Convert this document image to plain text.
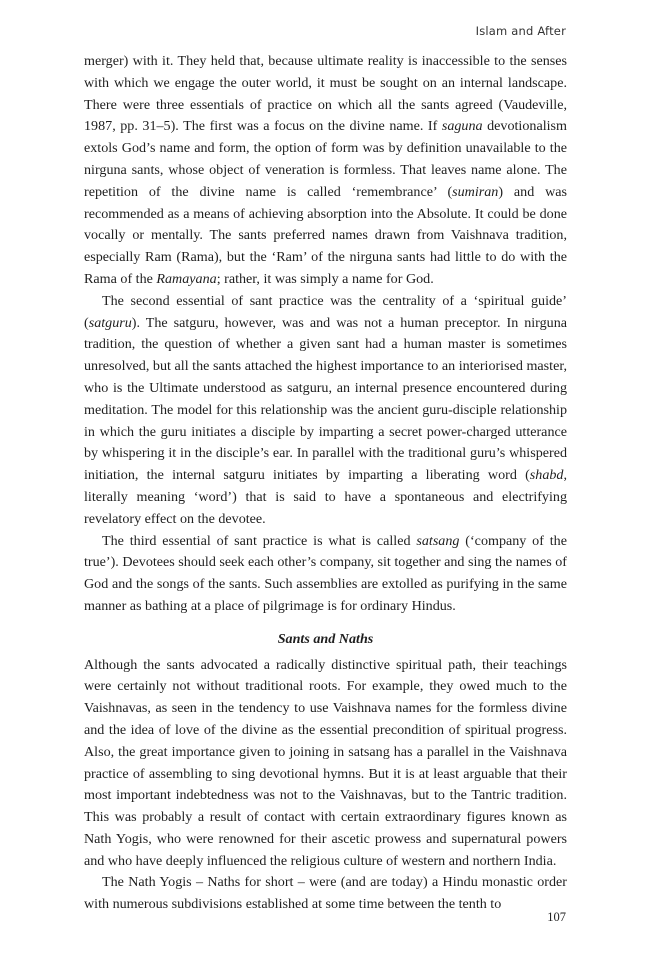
Islam and After

merger) with it. They held that, because ultimate reality is inaccessible to the senses with which we engage the outer world, it must be sought on an internal landscape. There were three essentials of practice on which all the sants agreed (Vaudeville, 1987, pp. 31–5). The first was a focus on the divine name. If saguna devotionalism extols God’s name and form, the option of form was by definition unavailable to the nirguna sants, whose object of veneration is formless. That leaves name alone. The repetition of the divine name is called ‘remembrance’ (sumiran) and was recommended as a means of achieving absorption into the Absolute. It could be done vocally or mentally. The sants preferred names drawn from Vaishnava tradition, especially Ram (Rama), but the ‘Ram’ of the nirguna sants had little to do with the Rama of the Ramayana; rather, it was simply a name for God.

The second essential of sant practice was the centrality of a ‘spiritual guide’ (satguru). The satguru, however, was and was not a human preceptor. In nirguna tradition, the question of whether a given sant had a human master is sometimes unresolved, but all the sants attached the highest importance to an interiorised master, who is the Ultimate understood as satguru, an internal presence encountered during meditation. The model for this relationship was the ancient guru-disciple relationship in which the guru initiates a disciple by imparting a secret power-charged utterance by whispering it in the disciple’s ear. In parallel with the traditional guru’s whispered initiation, the internal satguru initiates by imparting a liberating word (shabd, literally meaning ‘word’) that is said to have a spontaneous and electrifying revelatory effect on the devotee.

The third essential of sant practice is what is called satsang (‘company of the true’). Devotees should seek each other’s company, sit together and sing the names of God and the songs of the sants. Such assemblies are extolled as purifying in the same manner as bathing at a place of pilgrimage is for ordinary Hindus.

Sants and Naths

Although the sants advocated a radically distinctive spiritual path, their teachings were certainly not without traditional roots. For example, they owed much to the Vaishnavas, as seen in the tendency to use Vaishnava names for the formless divine and the idea of love of the divine as the essential precondition of spiritual progress. Also, the great importance given to joining in satsang has a parallel in the Vaishnava practice of assembling to sing devotional hymns. But it is at least arguable that their most important indebtedness was not to the Vaishnavas, but to the Tantric tradition. This was probably a result of contact with certain extraordinary figures known as Nath Yogis, who were renowned for their ascetic prowess and supernatural powers and who have deeply influenced the religious culture of western and northern India.

The Nath Yogis – Naths for short – were (and are today) a Hindu monastic order with numerous subdivisions established at some time between the tenth to

107
